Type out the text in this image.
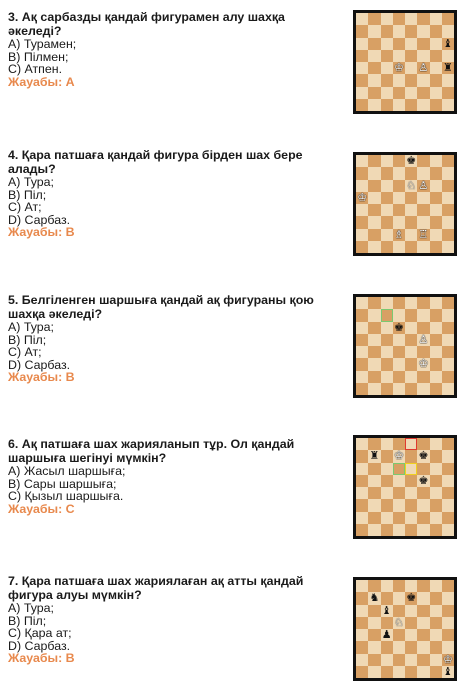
3. Ақ сарбазды қандай фигурамен алу шахқа әкеледі?

А) Турамен;

В) Пілмен;

С) Атпен.

Жауабы: А

♝
♔ ♙ ♜

4. Қара патшаға қандай фигура бірден шах бере алады?

А) Тура;

В) Піл;

С) Ат;

D) Сарбаз.

Жауабы: В

♚
♘ ♙
♔
♗ ♖

5. Белгіленген шаршыға қандай ақ фигураны қою шахқа әкеледі?

А) Тура;

В) Піл;

С) Ат;

D) Сарбаз.

Жауабы: В

♚
♙
♔

6. Ақ патшаға шах жарияланып тұр. Ол қандай шаршыға шегінуі мүмкін?

А) Жасыл шаршыға;

В) Сары шаршыға;

С) Қызыл шаршыға.

Жауабы: С

♜ ♔ ♚
♚

7. Қара патшаға шах жариялаған ақ атты қандай фигура алуы мүмкін?

А) Тура;

В) Піл;

С) Қара ат;

D) Сарбаз.

Жауабы: В

♞ ♚
♝
♘
♟
♔
♝
